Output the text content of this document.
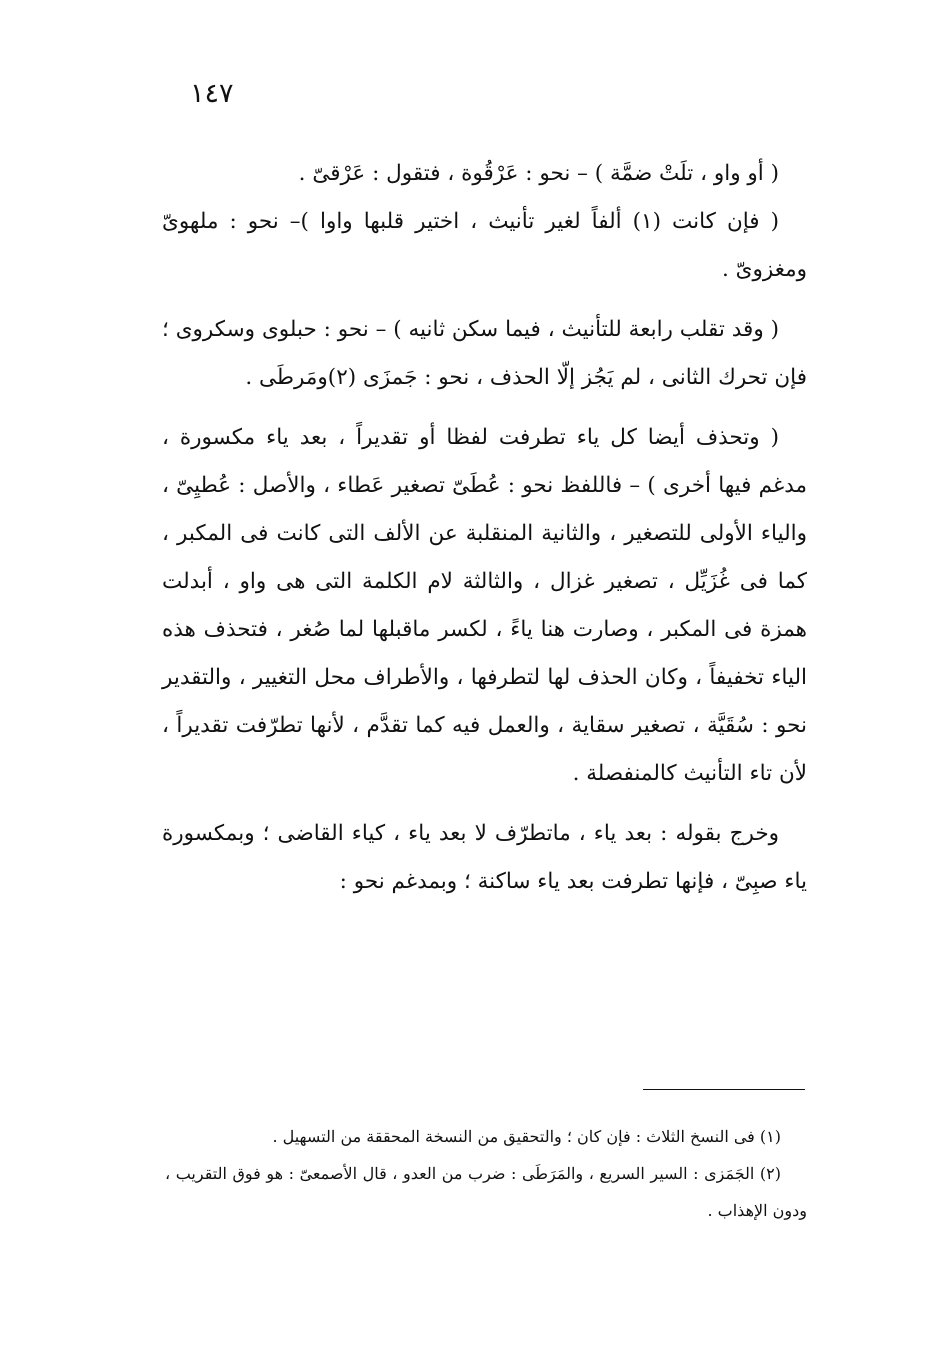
١٤٧

( أو واو ، تلَتْ ضمَّة ) – نحو : عَرْقُوة ، فتقول : عَرْقىّ .

( فإن كانت (١) ألفاً لغير تأنيث ، اختير قلبها واوا )– نحو : ملهوىّ ومغزوىّ .

( وقد تقلب رابعة للتأنيث ، فيما سكن ثانيه ) – نحو : حبلوى وسكروى ؛ فإن تحرك الثانى ، لم يَجُز إلّا الحذف ، نحو : جَمزَى (٢)ومَرطَى .

( وتحذف أيضا كل ياء تطرفت لفظا أو تقديراً ، بعد ياء مكسورة ، مدغم فيها أخرى ) – فاللفظ نحو : عُطَىّ تصغير عَطاء ، والأصل : عُطيِىّ ، والياء الأولى للتصغير ، والثانية المنقلبة عن الألف التى كانت فى المكبر ، كما فى غُزَيِّل ، تصغير غزال ، والثالثة لام الكلمة التى هى واو ، أبدلت همزة فى المكبر ، وصارت هنا ياءً ، لكسر ماقبلها لما صُغر ، فتحذف هذه الياء تخفيفاً ، وكان الحذف لها لتطرفها ، والأطراف محل التغيير ، والتقدير نحو : سُقَيَّة ، تصغير سقاية ، والعمل فيه كما تقدَّم ، لأنها تطرّفت تقديراً ، لأن تاء التأنيث كالمنفصلة .

وخرج بقوله : بعد ياء ، ماتطرّف لا بعد ياء ، كياء القاضى ؛ وبمكسورة ياء صبِىّ ، فإنها تطرفت بعد ياء ساكنة ؛ وبمدغم نحو :

(١) فى النسخ الثلاث : فإن كان ؛ والتحقيق من النسخة المحققة من التسهيل .

(٢) الجَمَزى : السير السريع ، والمَرَطَى : ضرب من العدو ، قال الأصمعىّ : هو فوق التقريب ، ودون الإهذاب .
